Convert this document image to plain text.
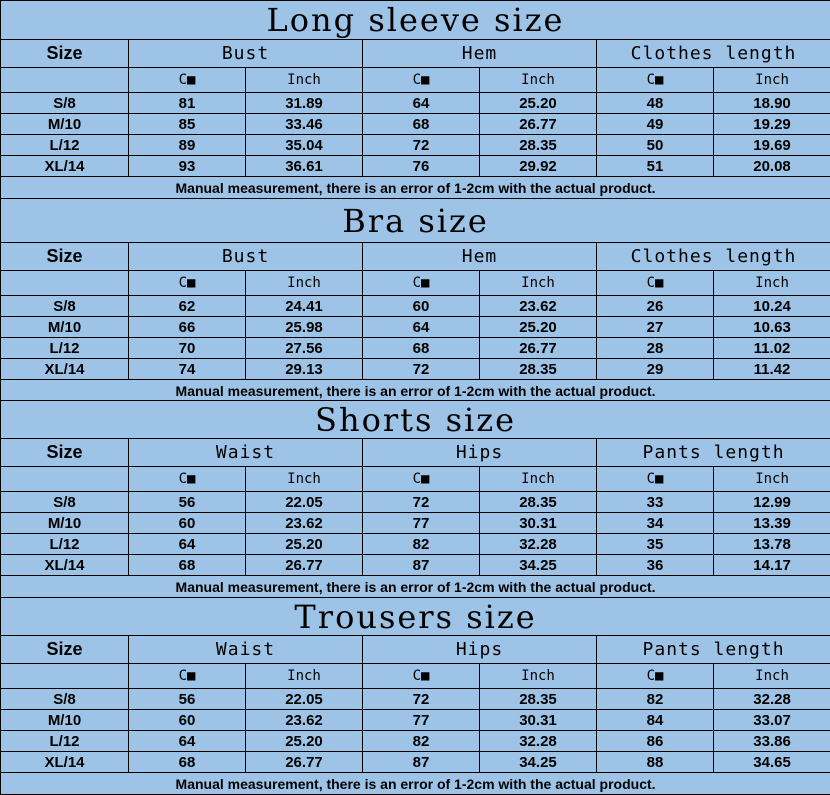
Long sleeve size						
Size	Bust		Hem		Clothes length	
	C■	Inch	C■	Inch	C■	Inch
S/8	81	31.89	64	25.20	48	18.90
M/10	85	33.46	68	26.77	49	19.29
L/12	89	35.04	72	28.35	50	19.69
XL/14	93	36.61	76	29.92	51	20.08
Manual measurement, there is an error of 1-2cm with the actual product.						
Bra size						
Size	Bust		Hem		Clothes length	
	C■	Inch	C■	Inch	C■	Inch
S/8	62	24.41	60	23.62	26	10.24
M/10	66	25.98	64	25.20	27	10.63
L/12	70	27.56	68	26.77	28	11.02
XL/14	74	29.13	72	28.35	29	11.42
Manual measurement, there is an error of 1-2cm with the actual product.						
Shorts size						
Size	Waist		Hips		Pants length	
	C■	Inch	C■	Inch	C■	Inch
S/8	56	22.05	72	28.35	33	12.99
M/10	60	23.62	77	30.31	34	13.39
L/12	64	25.20	82	32.28	35	13.78
XL/14	68	26.77	87	34.25	36	14.17
Manual measurement, there is an error of 1-2cm with the actual product.						
Trousers size						
Size	Waist		Hips		Pants length	
	C■	Inch	C■	Inch	C■	Inch
S/8	56	22.05	72	28.35	82	32.28
M/10	60	23.62	77	30.31	84	33.07
L/12	64	25.20	82	32.28	86	33.86
XL/14	68	26.77	87	34.25	88	34.65
Manual measurement, there is an error of 1-2cm with the actual product.						
